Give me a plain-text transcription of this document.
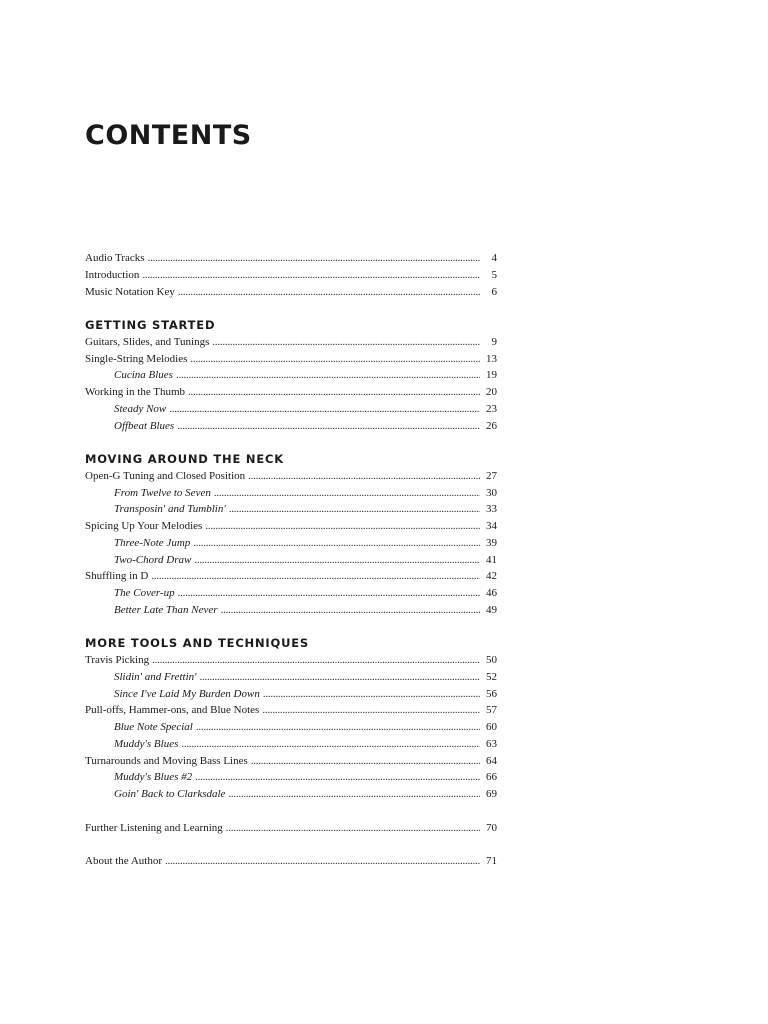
CONTENTS
Audio Tracks . . .	4
Introduction . . .	5
Music Notation Key . . .	6
GETTING STARTED
Guitars, Slides, and Tunings . . .	9
Single-String Melodies . . .	13
Cucina Blues . . .	19
Working in the Thumb . . .	20
Steady Now . . .	23
Offbeat Blues . . .	26
MOVING AROUND THE NECK
Open-G Tuning and Closed Position . . .	27
From Twelve to Seven . . .	30
Transposin' and Tumblin' . . .	33
Spicing Up Your Melodies . . .	34
Three-Note Jump . . .	39
Two-Chord Draw . . .	41
Shuffling in D . . .	42
The Cover-up . . .	46
Better Late Than Never . . .	49
MORE TOOLS AND TECHNIQUES
Travis Picking . . .	50
Slidin' and Frettin' . . .	52
Since I've Laid My Burden Down . . .	56
Pull-offs, Hammer-ons, and Blue Notes . . .	57
Blue Note Special . . .	60
Muddy's Blues . . .	63
Turnarounds and Moving Bass Lines . . .	64
Muddy's Blues #2 . . .	66
Goin' Back to Clarksdale . . .	69
Further Listening and Learning . . .	70
About the Author . . .	71
